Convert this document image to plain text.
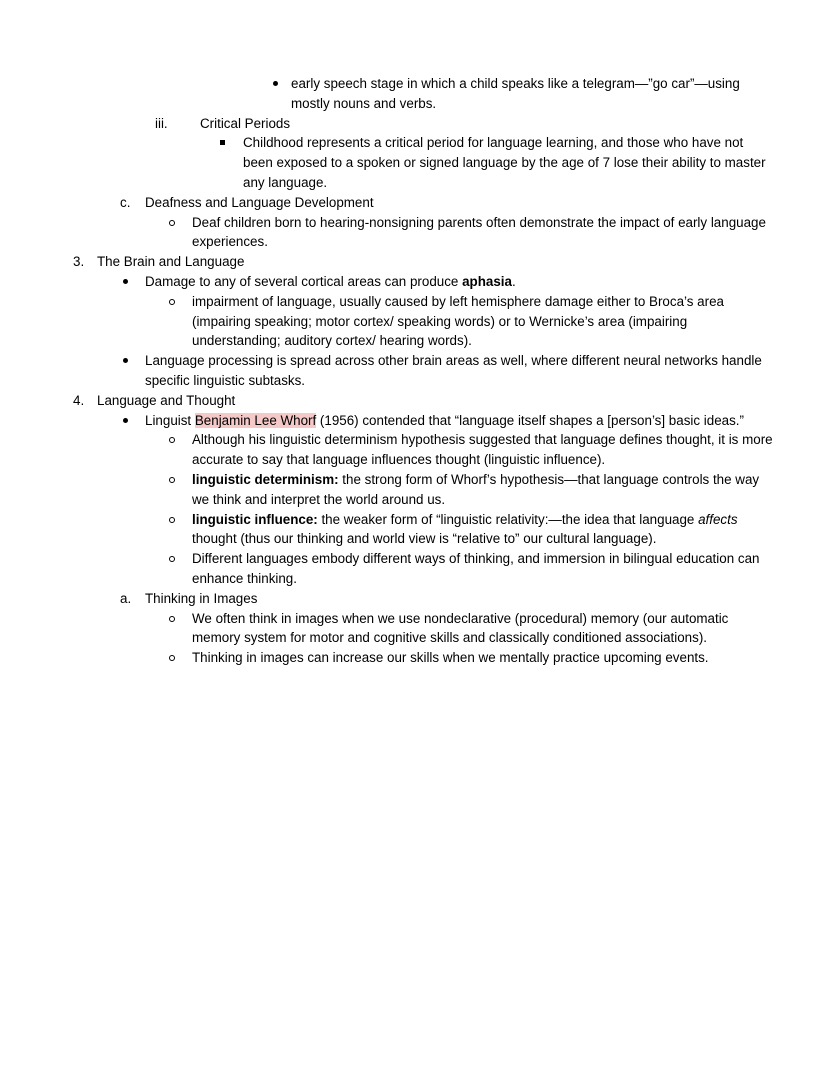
early speech stage in which a child speaks like a telegram—”go car”—using mostly nouns and verbs.
iii.	Critical Periods
Childhood represents a critical period for language learning, and those who have not been exposed to a spoken or signed language by the age of 7 lose their ability to master any language.
c.	Deafness and Language Development
Deaf children born to hearing-nonsigning parents often demonstrate the impact of early language experiences.
3. The Brain and Language
Damage to any of several cortical areas can produce aphasia.
impairment of language, usually caused by left hemisphere damage either to Broca’s area (impairing speaking; motor cortex/ speaking words) or to Wernicke’s area (impairing understanding; auditory cortex/ hearing words).
Language processing is spread across other brain areas as well, where different neural networks handle specific linguistic subtasks.
4. Language and Thought
Linguist Benjamin Lee Whorf (1956) contended that “language itself shapes a [person’s] basic ideas.”
Although his linguistic determinism hypothesis suggested that language defines thought, it is more accurate to say that language influences thought (linguistic influence).
linguistic determinism: the strong form of Whorf’s hypothesis—that language controls the way we think and interpret the world around us.
linguistic influence: the weaker form of “linguistic relativity:—the idea that language affects thought (thus our thinking and world view is “relative to” our cultural language).
Different languages embody different ways of thinking, and immersion in bilingual education can enhance thinking.
a.	Thinking in Images
We often think in images when we use nondeclarative (procedural) memory (our automatic memory system for motor and cognitive skills and classically conditioned associations).
Thinking in images can increase our skills when we mentally practice upcoming events.
